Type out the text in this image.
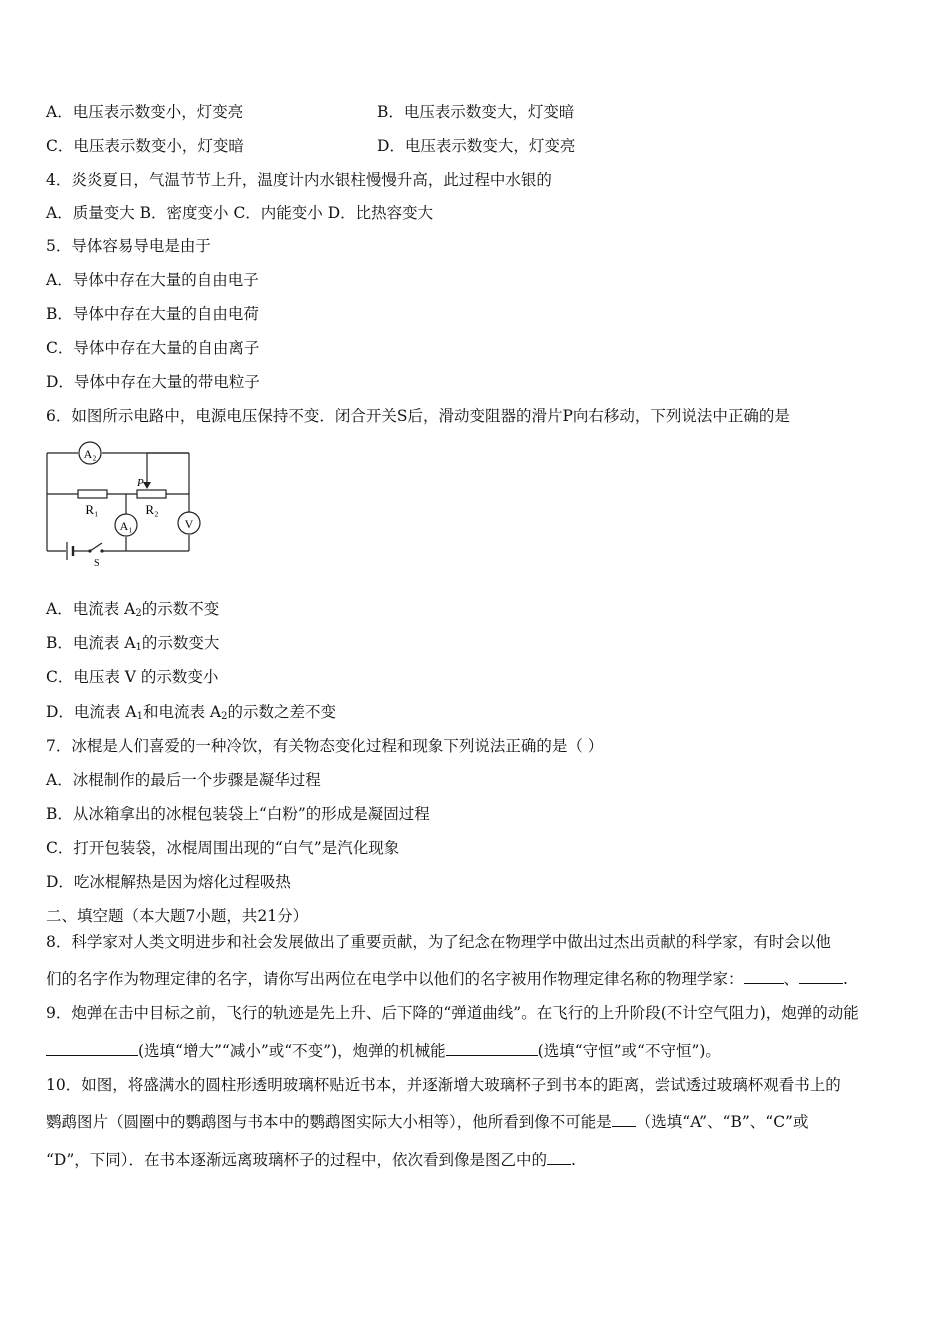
A．电压表示数变小，灯变亮	B．电压表示数变大，灯变暗
C．电压表示数变小，灯变暗	D．电压表示数变大，灯变亮
4．炎炎夏日，气温节节上升，温度计内水银柱慢慢升高，此过程中水银的
A．质量变大 B．密度变小 C．内能变小 D．比热容变大
5．导体容易导电是由于
A．导体中存在大量的自由电子
B．导体中存在大量的自由电荷
C．导体中存在大量的自由离子
D．导体中存在大量的带电粒子
6．如图所示电路中，电源电压保持不变．闭合开关S后，滑动变阻器的滑片P向右移动，下列说法中正确的是
A₂
A₁	V
P
R₁	R₂
S
A．电流表 $A_2$的示数不变
B．电流表 $A_1$的示数变大
C．电压表 V 的示数变小
D．电流表 $A_1$和电流表 $A_2$的示数之差不变
7．冰棍是人们喜爱的一种冷饮，有关物态变化过程和现象下列说法正确的是（ ）
A．冰棍制作的最后一个步骤是凝华过程
B．从冰箱拿出的冰棍包装袋上“白粉”的形成是凝固过程
C．打开包装袋，冰棍周围出现的“白气”是汽化现象
D．吃冰棍解热是因为熔化过程吸热
二、填空题（本大题7小题，共21分）
8．科学家对人类文明进步和社会发展做出了重要贡献，为了纪念在物理学中做出过杰出贡献的科学家，有时会以他
们的名字作为物理定律的名字，请你写出两位在电学中以他们的名字被用作物理定律名称的物理学家：	、	.
9．炮弹在击中目标之前，飞行的轨迹是先上升、后下降的“弹道曲线”。在飞行的上升阶段(不计空气阻力)，炮弹的动能
(选填“增大”“减小”或“不变”)，炮弹的机械能	(选填“守恒”或“不守恒”)。
10．如图，将盛满水的圆柱形透明玻璃杯贴近书本，并逐渐增大玻璃杯子到书本的距离，尝试透过玻璃杯观看书上的
鹦鹉图片（圆圈中的鹦鹉图与书本中的鹦鹉图实际大小相等），他所看到像不可能是 （选填“A”、“B”、“C”或
“D”，下同）．在书本逐渐远离玻璃杯子的过程中，依次看到像是图乙中的 .
